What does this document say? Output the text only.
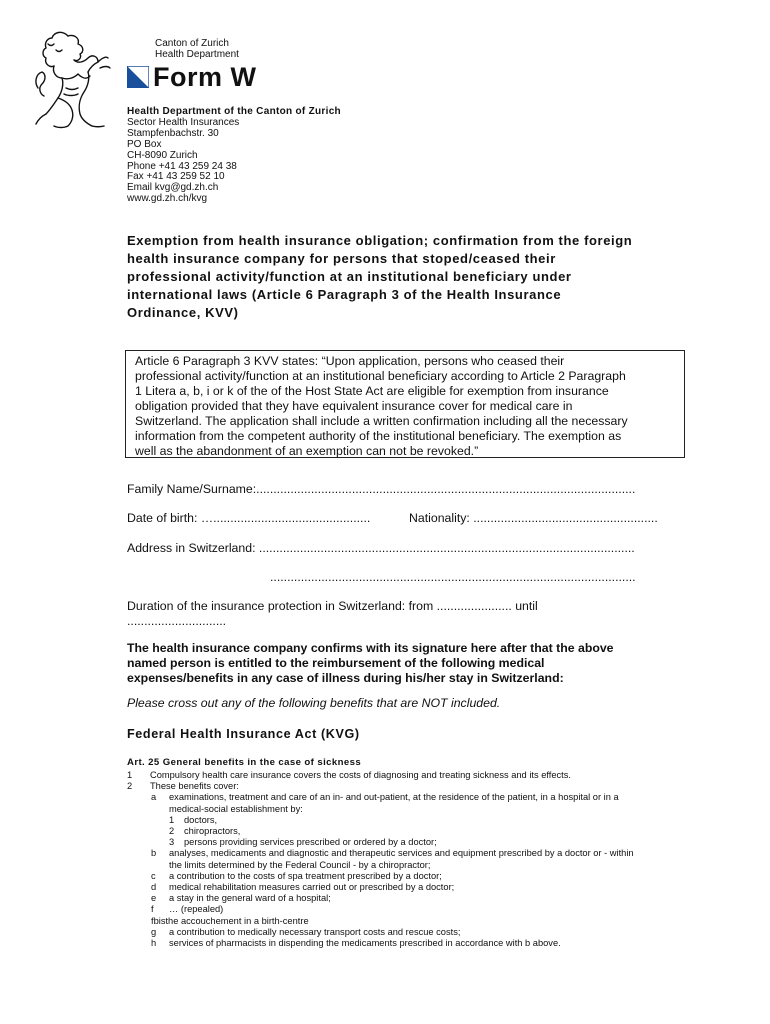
Canton of Zurich
Health Department
Form W
Health Department of the Canton of Zurich
Sector Health Insurances
Stampfenbachstr. 30
PO Box
CH-8090 Zurich
Phone +41 43 259 24 38
Fax +41 43 259 52 10
Email kvg@gd.zh.ch
www.gd.zh.ch/kvg
Exemption from health insurance obligation; confirmation from the foreign
health insurance company for persons that stoped/ceased their
professional activity/function at an institutional beneficiary under
international laws (Article 6 Paragraph 3 of the Health Insurance
Ordinance, KVV)
Article 6 Paragraph 3 KVV states: “Upon application, persons who ceased their
professional activity/function at an institutional beneficiary according to Article 2 Paragraph
1 Litera a, b, i or k of the of the Host State Act are eligible for exemption from insurance
obligation provided that they have equivalent insurance cover for medical care in
Switzerland. The application shall include a written confirmation including all the necessary
information from the competent authority of the institutional beneficiary. The exemption as
well as the abandonment of an exemption can not be revoked.”
Family Name/Surname:...............................................................................................................
Date of birth: …..............................................	Nationality: ......................................................
Address in Switzerland: ..............................................................................................................
...........................................................................................................
Duration of the insurance protection in Switzerland: from ...................... until
.............................
The health insurance company confirms with its signature here after that the above
named person is entitled to the reimbursement of the following medical
expenses/benefits in any case of illness during his/her stay in Switzerland:
Please cross out any of the following benefits that are NOT included.
Federal Health Insurance Act (KVG)
Art. 25 General benefits in the case of sickness
1 Compulsory health care insurance covers the costs of diagnosing and treating sickness and its effects.
2 These benefits cover:
a examinations, treatment and care of an in- and out-patient, at the residence of the patient, in a hospital or in a
medical-social establishment by:
1 doctors,
2 chiropractors,
3 persons providing services prescribed or ordered by a doctor;
b analyses, medicaments and diagnostic and therapeutic services and equipment prescribed by a doctor or - within
the limits determined by the Federal Council - by a chiropractor;
c a contribution to the costs of spa treatment prescribed by a doctor;
d medical rehabilitation measures carried out or prescribed by a doctor;
e a stay in the general ward of a hospital;
f … (repealed)
fbisthe accouchement in a birth-centre
g a contribution to medically necessary transport costs and rescue costs;
h services of pharmacists in dispending the medicaments prescribed in accordance with b above.
